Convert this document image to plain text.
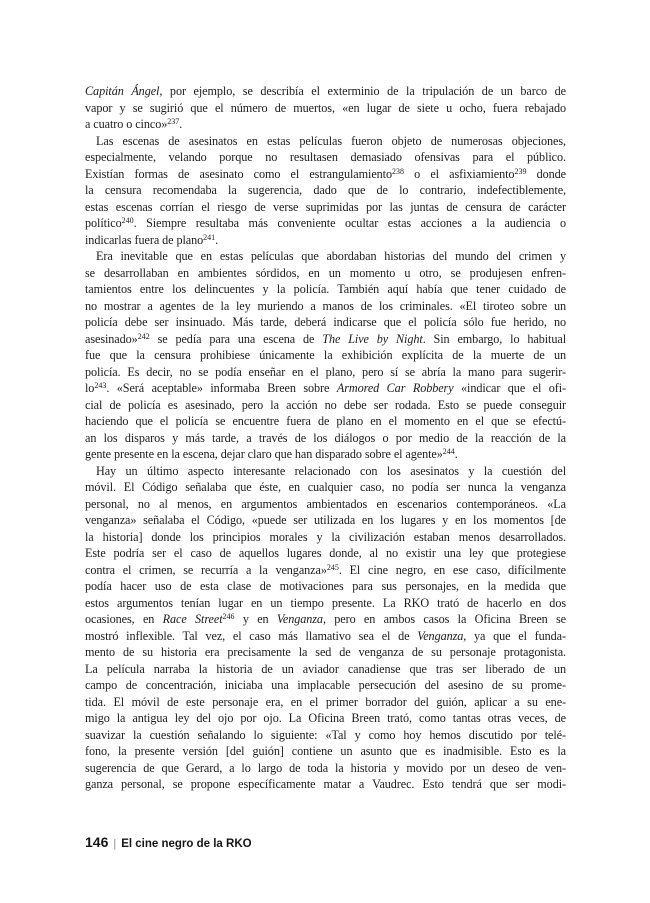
Capitán Ángel, por ejemplo, se describía el exterminio de la tripulación de un barco de
vapor y se sugirió que el número de muertos, «en lugar de siete u ocho, fuera rebajado
a cuatro o cinco»$^{237}$.
Las escenas de asesinatos en estas películas fueron objeto de numerosas objeciones,
especialmente, velando porque no resultasen demasiado ofensivas para el público.
Existían formas de asesinato como el estrangulamiento$^{238}$ o el asfixiamiento$^{239}$ donde
la censura recomendaba la sugerencia, dado que de lo contrario, indefectiblemente,
estas escenas corrían el riesgo de verse suprimidas por las juntas de censura de carácter
político$^{240}$. Siempre resultaba más conveniente ocultar estas acciones a la audiencia o
indicarlas fuera de plano$^{241}$.
Era inevitable que en estas películas que abordaban historias del mundo del crimen y
se desarrollaban en ambientes sórdidos, en un momento u otro, se produjesen enfren-
tamientos entre los delincuentes y la policía. También aquí había que tener cuidado de
no mostrar a agentes de la ley muriendo a manos de los criminales. «El tiroteo sobre un
policía debe ser insinuado. Más tarde, deberá indicarse que el policía sólo fue herido, no
asesinado»$^{242}$ se pedía para una escena de The Live by Night. Sin embargo, lo habitual
fue que la censura prohibiese únicamente la exhibición explícita de la muerte de un
policía. Es decir, no se podía enseñar en el plano, pero sí se abría la mano para sugerir-
$lo^{243}$. «Será aceptable» informaba Breen sobre Armored Car Robbery «indicar que el ofi-
cial de policía es asesinado, pero la acción no debe ser rodada. Esto se puede conseguir
haciendo que el policía se encuentre fuera de plano en el momento en el que se efectú-
an los disparos y más tarde, a través de los diálogos o por medio de la reacción de la
gente presente en la escena, dejar claro que han disparado sobre el agente»$^{244}$.
Hay un último aspecto interesante relacionado con los asesinatos y la cuestión del
móvil. El Código señalaba que éste, en cualquier caso, no podía ser nunca la venganza
personal, no al menos, en argumentos ambientados en escenarios contemporáneos. «La
venganza» señalaba el Código, «puede ser utilizada en los lugares y en los momentos [de
la historia] donde los principios morales y la civilización estaban menos desarrollados.
Este podría ser el caso de aquellos lugares donde, al no existir una ley que protegiese
contra el crimen, se recurría a la venganza»$^{245}$. El cine negro, en ese caso, difícilmente
podía hacer uso de esta clase de motivaciones para sus personajes, en la medida que
estos argumentos tenían lugar en un tiempo presente. La RKO trató de hacerlo en dos
ocasiones, en Race Street$^{246}$ y en Venganza, pero en ambos casos la Oficina Breen se
mostró inflexible. Tal vez, el caso más llamativo sea el de Venganza, ya que el funda-
mento de su historia era precisamente la sed de venganza de su personaje protagonista.
La película narraba la historia de un aviador canadiense que tras ser liberado de un
campo de concentración, iniciaba una implacable persecución del asesino de su prome-
tida. El móvil de este personaje era, en el primer borrador del guión, aplicar a su ene-
migo la antigua ley del ojo por ojo. La Oficina Breen trató, como tantas otras veces, de
suavizar la cuestión señalando lo siguiente: «Tal y como hoy hemos discutido por telé-
fono, la presente versión [del guión] contiene un asunto que es inadmisible. Esto es la
sugerencia de que Gerard, a lo largo de toda la historia y movido por un deseo de ven-
ganza personal, se propone específicamente matar a Vaudrec. Esto tendrá que ser modi-
146 | El cine negro de la RKO
